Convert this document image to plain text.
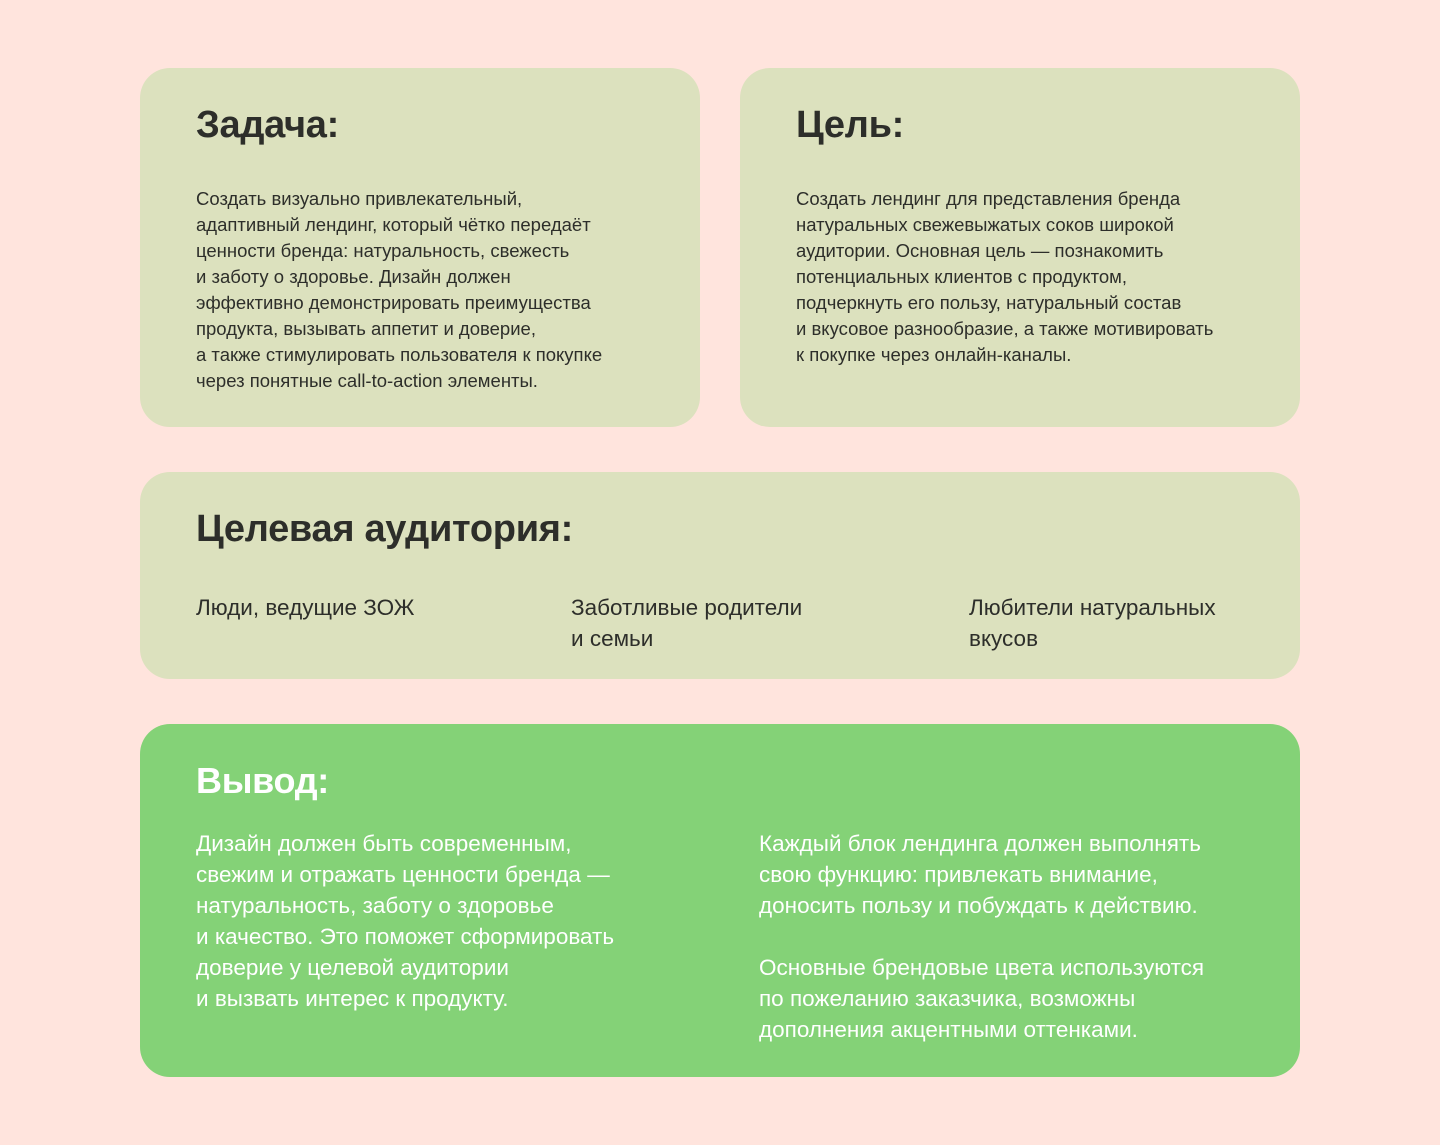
Задача:

Создать визуально привлекательный,
адаптивный лендинг, который чётко передаёт
ценности бренда: натуральность, свежесть
и заботу о здоровье. Дизайн должен
эффективно демонстрировать преимущества
продукта, вызывать аппетит и доверие,
а также стимулировать пользователя к покупке
через понятные call-to-action элементы.

Цель:

Создать лендинг для представления бренда
натуральных свежевыжатых соков широкой
аудитории. Основная цель — познакомить
потенциальных клиентов с продуктом,
подчеркнуть его пользу, натуральный состав
и вкусовое разнообразие, а также мотивировать
к покупке через онлайн-каналы.

Целевая аудитория:
Люди, ведущие ЗОЖ	Заботливые родители
и семьи
Любители натуральных
вкусов
Вывод:

Дизайн должен быть современным,
свежим и отражать ценности бренда —
натуральность, заботу о здоровье
и качество. Это поможет сформировать
доверие у целевой аудитории
и вызвать интерес к продукту.

Каждый блок лендинга должен выполнять
свою функцию: привлекать внимание,
доносить пользу и побуждать к действию.

Основные брендовые цвета используются
по пожеланию заказчика, возможны
дополнения акцентными оттенками.
